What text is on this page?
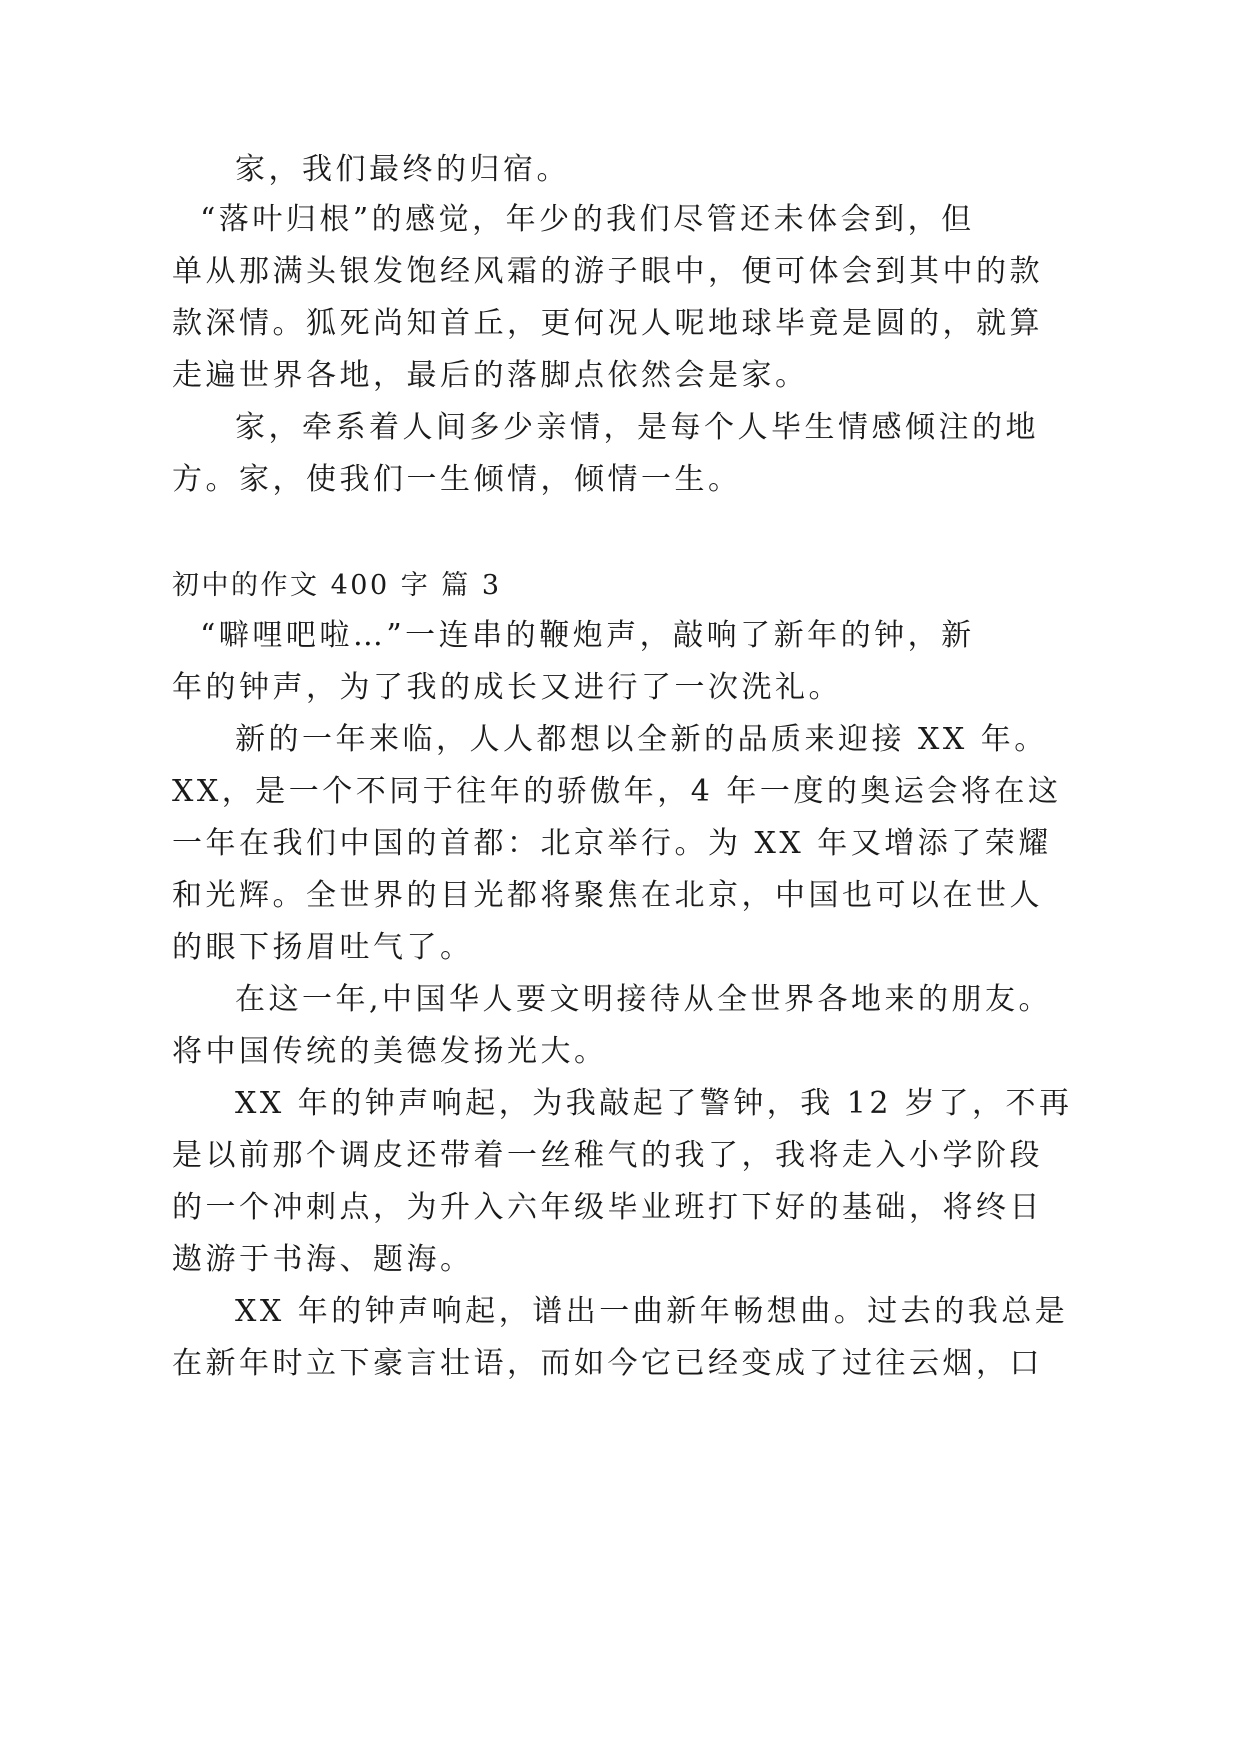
家，我们最终的归宿。
“落叶归根”的感觉，年少的我们尽管还未体会到，但
单从那满头银发饱经风霜的游子眼中，便可体会到其中的款
款深情。狐死尚知首丘，更何况人呢地球毕竟是圆的，就算
走遍世界各地，最后的落脚点依然会是家。
家，牵系着人间多少亲情，是每个人毕生情感倾注的地
方。家，使我们一生倾情，倾情一生。
初中的作文 400 字 篇 3
“噼哩吧啦…”一连串的鞭炮声，敲响了新年的钟，新
年的钟声，为了我的成长又进行了一次洗礼。
新的一年来临，人人都想以全新的品质来迎接 XX 年。
XX，是一个不同于往年的骄傲年，4 年一度的奥运会将在这
一年在我们中国的首都：北京举行。为 XX 年又增添了荣耀
和光辉。全世界的目光都将聚焦在北京，中国也可以在世人
的眼下扬眉吐气了。
在这一年,中国华人要文明接待从全世界各地来的朋友。
将中国传统的美德发扬光大。
XX 年的钟声响起，为我敲起了警钟，我 12 岁了，不再
是以前那个调皮还带着一丝稚气的我了，我将走入小学阶段
的一个冲刺点，为升入六年级毕业班打下好的基础，将终日
遨游于书海、题海。
XX 年的钟声响起，谱出一曲新年畅想曲。过去的我总是
在新年时立下豪言壮语，而如今它已经变成了过往云烟，口
